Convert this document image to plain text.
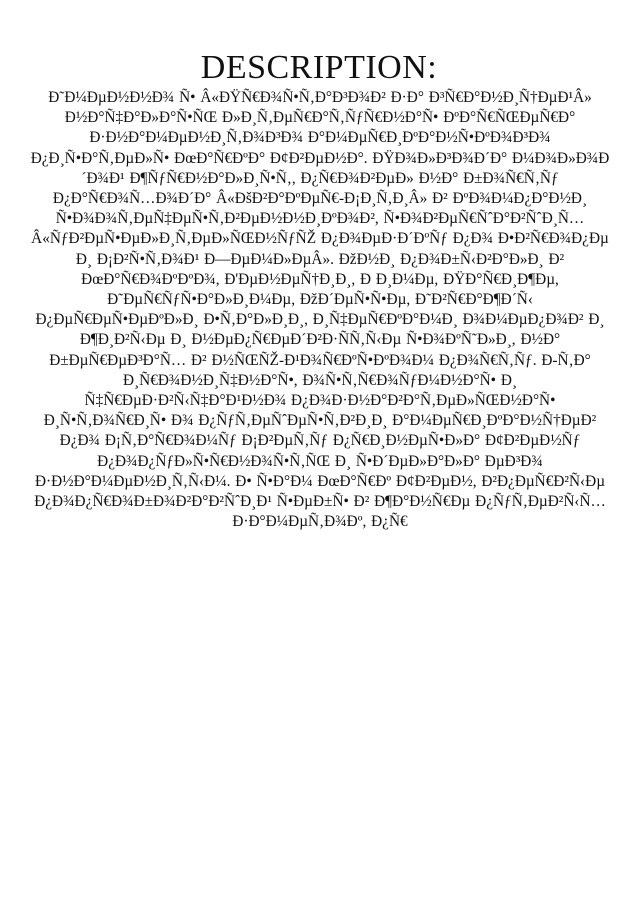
DESCRIPTION:

Ð˜Ð¼ÐµÐ½Ð½Ð¾ Ñ• Â«ÐŸÑ€Ð¾Ñ•Ñ‚Ð°Ð³Ð¾Ð² Ð·Ð° Ð³Ñ€Ð°Ð½Ð¸Ñ†ÐµÐ¹Â» Ð½Ð°Ñ‡Ð°Ð»Ð°Ñ•ÑŒ Ð»Ð¸Ñ‚ÐµÑ€Ð°Ñ‚ÑƒÑ€Ð½Ð°Ñ• ÐºÐ°Ñ€ÑŒÐµÑ€Ð° Ð·Ð½Ð°Ð¼ÐµÐ½Ð¸Ñ‚Ð¾Ð³Ð¾ Ð°Ð¼ÐµÑ€Ð¸ÐºÐ°Ð½Ñ•ÐºÐ¾Ð³Ð¾ Ð¿Ð¸Ñ•Ð°Ñ‚ÐµÐ»Ñ• ÐœÐ°Ñ€ÐºÐ° Ð¢Ð²ÐµÐ½Ð°. ÐŸÐ¾Ð»Ð³Ð¾Ð´Ð° Ð¼Ð¾Ð»Ð¾Ð´Ð¾Ð¹ Ð¶ÑƒÑ€Ð½Ð°Ð»Ð¸Ñ•Ñ‚, Ð¿Ñ€Ð¾Ð²ÐµÐ» Ð½Ð° Ð±Ð¾Ñ€Ñ‚Ñƒ Ð¿Ð°Ñ€Ð¾Ñ…Ð¾Ð´Ð° Â«ÐšÐ²Ð°ÐºÐµÑ€-Ð¡Ð¸Ñ‚Ð¸Â» Ð² ÐºÐ¾Ð¼Ð¿Ð°Ð½Ð¸ Ñ•Ð¾Ð¾Ñ‚ÐµÑ‡ÐµÑ•Ñ‚Ð²ÐµÐ½Ð½Ð¸ÐºÐ¾Ð², Ñ•Ð¾Ð²ÐµÑ€ÑˆÐ°Ð²ÑˆÐ¸Ñ… Â«ÑƒÐ²ÐµÑ•ÐµÐ»Ð¸Ñ‚ÐµÐ»ÑŒÐ½ÑƒÑŽ Ð¿Ð¾ÐµÐ·Ð´ÐºÑƒ Ð¿Ð¾ Ð•Ð²Ñ€Ð¾Ð¿Ðµ Ð¸ Ð¡Ð²Ñ•Ñ‚Ð¾Ð¹ Ð—ÐµÐ¼Ð»ÐµÂ». ÐžÐ½Ð¸ Ð¿Ð¾Ð±Ñ‹Ð²Ð°Ð»Ð¸ Ð² ÐœÐ°Ñ€Ð¾ÐºÐºÐ¾, Ð'ÐµÐ½ÐµÑ†Ð¸Ð¸, Ð Ð¸Ð¼Ðµ, ÐŸÐ°Ñ€Ð¸Ð¶Ðµ, Ð˜ÐµÑ€ÑƒÑ•Ð°Ð»Ð¸Ð¼Ðµ, ÐžÐ´ÐµÑ•Ñ•Ðµ, Ð˜Ð²Ñ€Ð°Ð¶Ð´Ñ‹ Ð¿ÐµÑ€ÐµÑ•ÐµÐºÐ»Ð¸ Ð•Ñ‚Ð°Ð»Ð¸Ð¸, Ð¸Ñ‡ÐµÑ€ÐºÐ°Ð¼Ð¸ Ð¾Ð¼ÐµÐ¿Ð¾Ð² Ð¸ Ð¶Ð¸Ð²Ñ‹Ðµ Ð¸ Ð½ÐµÐ¿Ñ€ÐµÐ´Ð²Ð·ÑÑ‚Ñ‹Ðµ Ñ•Ð¾ÐºÑ˜Ð»Ð¸, Ð½Ð° Ð±ÐµÑ€ÐµÐ³Ð°Ñ… Ð² Ð½ÑŒÑŽ-Ð¹Ð¾Ñ€ÐºÑ•ÐºÐ¾Ð¼ Ð¿Ð¾Ñ€Ñ‚Ñƒ. Ð-Ñ‚Ð° Ð¸Ñ€Ð¾Ð½Ð¸Ñ‡Ð½Ð°Ñ•, Ð¾Ñ•Ñ‚Ñ€Ð¾ÑƒÐ¼Ð½Ð°Ñ• Ð¸ Ñ‡Ñ€ÐµÐ·Ð²Ñ‹Ñ‡Ð°Ð¹Ð½Ð¾ Ð¿Ð¾Ð·Ð½Ð°Ð²Ð°Ñ‚ÐµÐ»ÑŒÐ½Ð°Ñ• Ð¸Ñ•Ñ‚Ð¾Ñ€Ð¸Ñ• Ð¾ Ð¿ÑƒÑ‚ÐµÑˆÐµÑ•Ñ‚Ð²Ð¸Ð¸ Ð°Ð¼ÐµÑ€Ð¸ÐºÐ°Ð½Ñ†ÐµÐ² Ð¿Ð¾ Ð¡Ñ‚Ð°Ñ€Ð¾Ð¼Ñƒ Ð¡Ð²ÐµÑ‚Ñƒ Ð¿Ñ€Ð¸Ð½ÐµÑ•Ð»Ð° Ð¢Ð²ÐµÐ½Ñƒ Ð¿Ð¾Ð¿ÑƒÐ»Ñ•Ñ€Ð½Ð¾Ñ•Ñ‚ÑŒ Ð¸ Ñ•Ð´ÐµÐ»Ð°Ð»Ð° ÐµÐ³Ð¾ Ð·Ð½Ð°Ð¼ÐµÐ½Ð¸Ñ‚Ñ‹Ð¼. Ð• Ñ•Ð°Ð¼ ÐœÐ°Ñ€Ðº Ð¢Ð²ÐµÐ½, Ð²Ð¿ÐµÑ€Ð²Ñ‹Ðµ Ð¿Ð¾Ð¿Ñ€Ð¾Ð±Ð¾Ð²Ð°Ð²ÑˆÐ¸Ð¹ Ñ•ÐµÐ±Ñ• Ð² Ð¶Ð°Ð½Ñ€Ðµ Ð¿ÑƒÑ‚ÐµÐ²Ñ‹Ñ… Ð·Ð°Ð¼ÐµÑ‚Ð¾Ðº, Ð¿Ñ€
